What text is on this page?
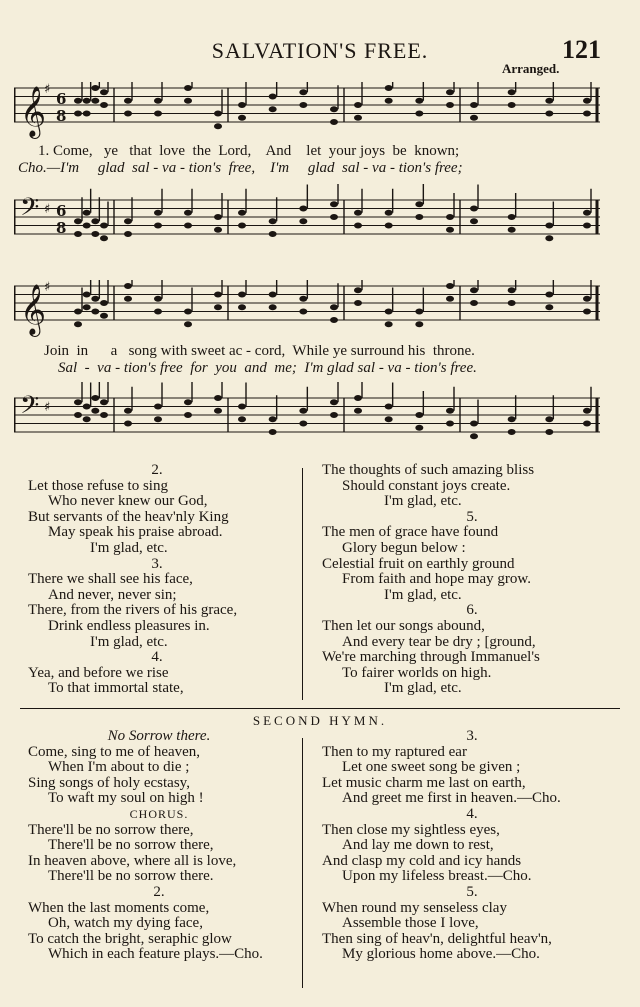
SALVATION'S FREE.	121
Arranged.
𝄞
♯
6
8
1. Come,   ye   that  love  the  Lord,    And    let  your joys  be  known;
Cho.—I'm     glad  sal - va - tion's  free,    I'm     glad  sal - va - tion's free;
𝄢 ♯ 6
8
𝄞
♯
Join  in      a   song with sweet ac - cord,  While ye surround his  throne.
Sal  -  va - tion's free  for  you  and  me;  I'm glad sal - va - tion's free.
𝄢 ♯
2.
Let those refuse to sing
Who never knew our God,
But servants of the heav'nly King
May speak his praise abroad.
I'm glad, etc.
3.
There we shall see his face,
And never, never sin;
There, from the rivers of his grace,
Drink endless pleasures in.
I'm glad, etc.
4.
Yea, and before we rise
To that immortal state,
The thoughts of such amazing bliss
Should constant joys create.
I'm glad, etc.
5.
The men of grace have found
Glory begun below :
Celestial fruit on earthly ground
From faith and hope may grow.
I'm glad, etc.
6.
Then let our songs abound,
And every tear be dry ; [ground,
We're marching through Immanuel's
To fairer worlds on high.
I'm glad, etc.
SECOND HYMN.
No Sorrow there.
Come, sing to me of heaven,
When I'm about to die ;
Sing songs of holy ecstasy,
To waft my soul on high !
CHORUS.
There'll be no sorrow there,
There'll be no sorrow there,
In heaven above, where all is love,
There'll be no sorrow there.
2.
When the last moments come,
Oh, watch my dying face,
To catch the bright, seraphic glow
Which in each feature plays.—Cho.
3.
Then to my raptured ear
Let one sweet song be given ;
Let music charm me last on earth,
And greet me first in heaven.—Cho.
4.
Then close my sightless eyes,
And lay me down to rest,
And clasp my cold and icy hands
Upon my lifeless breast.—Cho.
5.
When round my senseless clay
Assemble those I love,
Then sing of heav'n, delightful heav'n,
My glorious home above.—Cho.
